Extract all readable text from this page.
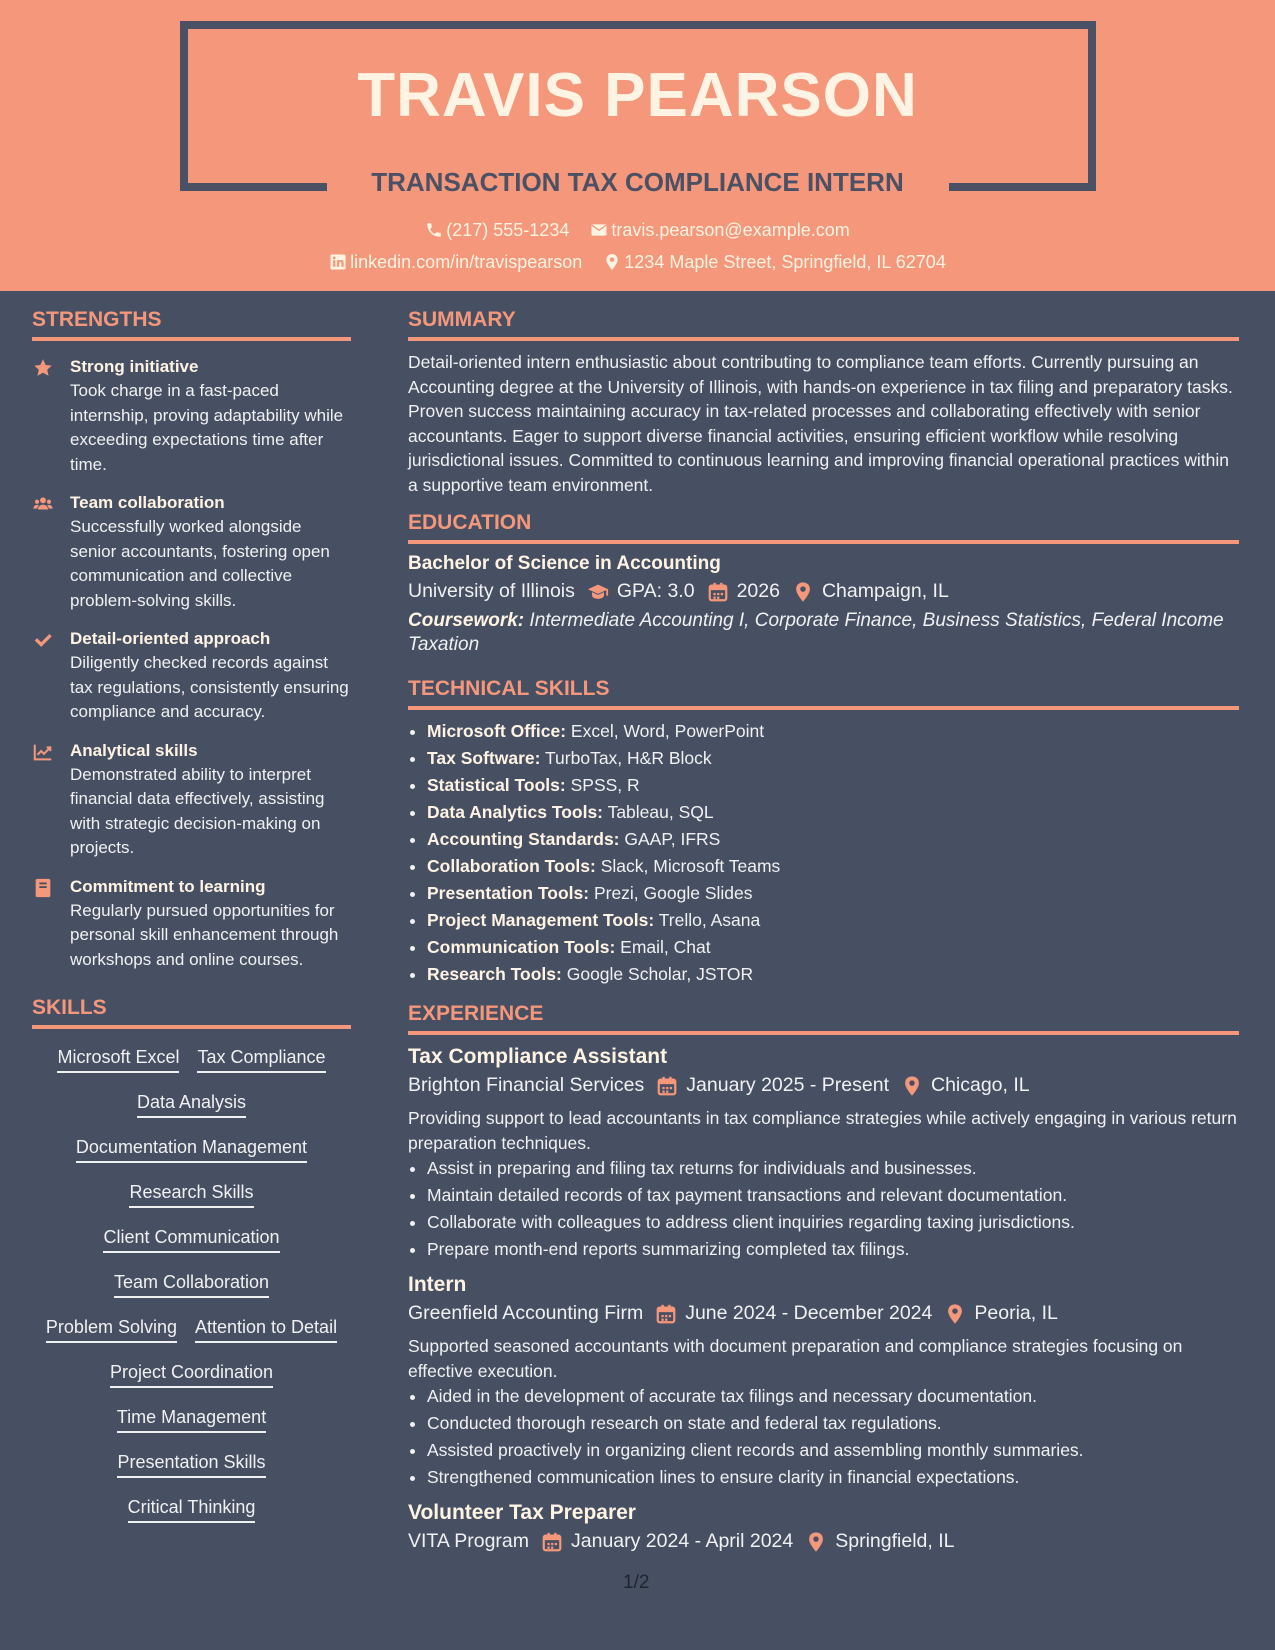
TRAVIS PEARSON
TRANSACTION TAX COMPLIANCE INTERN
(217) 555-1234 travis.pearson@example.com
linkedin.com/in/travispearson 1234 Maple Street, Springfield, IL 62704
STRENGTHS
Strong initiative
Took charge in a fast-paced internship, proving adaptability while exceeding expectations time after time.
Team collaboration
Successfully worked alongside senior accountants, fostering open communication and collective problem-solving skills.
Detail-oriented approach
Diligently checked records against tax regulations, consistently ensuring compliance and accuracy.
Analytical skills
Demonstrated ability to interpret financial data effectively, assisting with strategic decision-making on projects.
Commitment to learning
Regularly pursued opportunities for personal skill enhancement through workshops and online courses.
SKILLS
Microsoft Excel Tax Compliance
Data Analysis
Documentation Management
Research Skills
Client Communication
Team Collaboration
Problem Solving Attention to Detail
Project Coordination
Time Management
Presentation Skills
Critical Thinking
SUMMARY
Detail-oriented intern enthusiastic about contributing to compliance team efforts. Currently pursuing an Accounting degree at the University of Illinois, with hands-on experience in tax filing and preparatory tasks. Proven success maintaining accuracy in tax-related processes and collaborating effectively with senior accountants. Eager to support diverse financial activities, ensuring efficient workflow while resolving jurisdictional issues. Committed to continuous learning and improving financial operational practices within a supportive team environment.
EDUCATION
Bachelor of Science in Accounting
University of Illinois GPA: 3.0 2026 Champaign, IL
Coursework: Intermediate Accounting I, Corporate Finance, Business Statistics, Federal Income Taxation
TECHNICAL SKILLS
• Microsoft Office: Excel, Word, PowerPoint
• Tax Software: TurboTax, H&R Block
• Statistical Tools: SPSS, R
• Data Analytics Tools: Tableau, SQL
• Accounting Standards: GAAP, IFRS
• Collaboration Tools: Slack, Microsoft Teams
• Presentation Tools: Prezi, Google Slides
• Project Management Tools: Trello, Asana
• Communication Tools: Email, Chat
• Research Tools: Google Scholar, JSTOR
EXPERIENCE
Tax Compliance Assistant
Brighton Financial Services January 2025 - Present Chicago, IL
Providing support to lead accountants in tax compliance strategies while actively engaging in various return preparation techniques.
• Assist in preparing and filing tax returns for individuals and businesses.
• Maintain detailed records of tax payment transactions and relevant documentation.
• Collaborate with colleagues to address client inquiries regarding taxing jurisdictions.
• Prepare month-end reports summarizing completed tax filings.
Intern
Greenfield Accounting Firm June 2024 - December 2024 Peoria, IL
Supported seasoned accountants with document preparation and compliance strategies focusing on effective execution.
• Aided in the development of accurate tax filings and necessary documentation.
• Conducted thorough research on state and federal tax regulations.
• Assisted proactively in organizing client records and assembling monthly summaries.
• Strengthened communication lines to ensure clarity in financial expectations.
Volunteer Tax Preparer
VITA Program January 2024 - April 2024 Springfield, IL
1/2
